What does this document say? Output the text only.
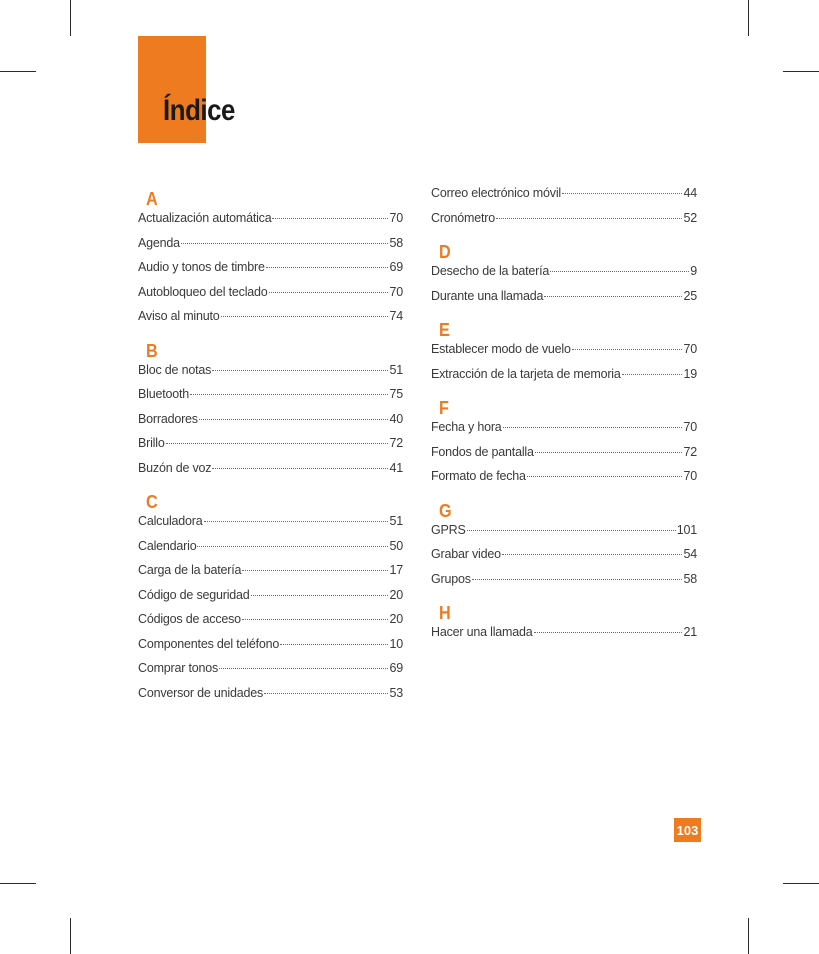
Índice
A
Actualización automática	70
Agenda	58
Audio y tonos de timbre	69
Autobloqueo del teclado	70
Aviso al minuto	74
B
Bloc de notas	51
Bluetooth	75
Borradores	40
Brillo	72
Buzón de voz	41
C
Calculadora	51
Calendario	50
Carga de la batería	17
Código de seguridad	20
Códigos de acceso	20
Componentes del teléfono	10
Comprar tonos	69
Conversor de unidades	53
Correo electrónico móvil	44
Cronómetro	52
D
Desecho de la batería	9
Durante una llamada	25
E
Establecer modo de vuelo	70
Extracción de la tarjeta de memoria	19
F
Fecha y hora	70
Fondos de pantalla	72
Formato de fecha	70
G
GPRS	101
Grabar video	54
Grupos	58
H
Hacer una llamada	21
103
